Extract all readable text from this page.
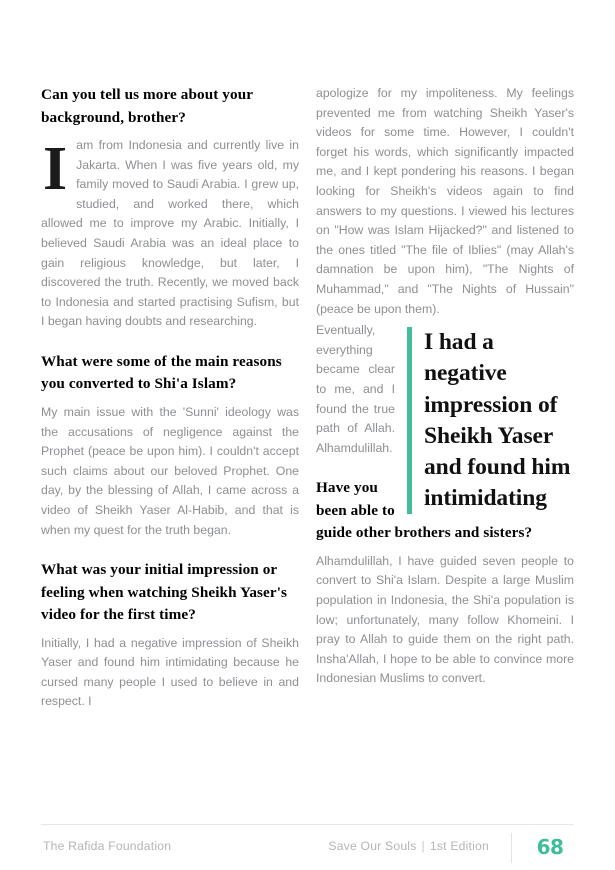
Can you tell us more about your background, brother?

Iam from Indonesia and currently live in Jakarta. When I was five years old, my family moved to Saudi Arabia. I grew up, studied, and worked there, which allowed me to improve my Arabic. Initially, I believed Saudi Arabia was an ideal place to gain religious knowledge, but later, I discovered the truth. Recently, we moved back to Indonesia and started practising Sufism, but I began having doubts and researching.

What were some of the main reasons you converted to Shi'a Islam?

My main issue with the 'Sunni' ideology was the accusations of negligence against the Prophet (peace be upon him). I couldn't accept such claims about our beloved Prophet. One day, by the blessing of Allah, I came across a video of Sheikh Yaser Al-Habib, and that is when my quest for the truth began.

What was your initial impression or feeling when watching Sheikh Yaser's video for the first time?

Initially, I had a negative impression of Sheikh Yaser and found him intimidating because he cursed many people I used to believe in and respect. I

apologize for my impoliteness. My feelings prevented me from watching Sheikh Yaser's videos for some time. However, I couldn't forget his words, which significantly impacted me, and I kept pondering his reasons. I began looking for Sheikh's videos again to find answers to my questions. I viewed his lectures on "How was Islam Hijacked?" and listened to the ones titled "The file of Iblies" (may Allah's damnation be upon him), "The Nights of Muhammad," and "The Nights of Hussain" (peace be upon them).

I had a negative impression of Sheikh Yaser and found him intimidating
Eventually, everything became clear to me, and I found the true path of Allah. Alhamdulillah.

Have you been able to guide other brothers and sisters?

Alhamdulillah, I have guided seven people to convert to Shi'a Islam. Despite a large Muslim population in Indonesia, the Shi'a population is low; unfortunately, many follow Khomeini. I pray to Allah to guide them on the right path. Insha'Allah, I hope to be able to convince more Indonesian Muslims to convert.

The Rafida Foundation	Save Our Souls | 1st Edition	68
